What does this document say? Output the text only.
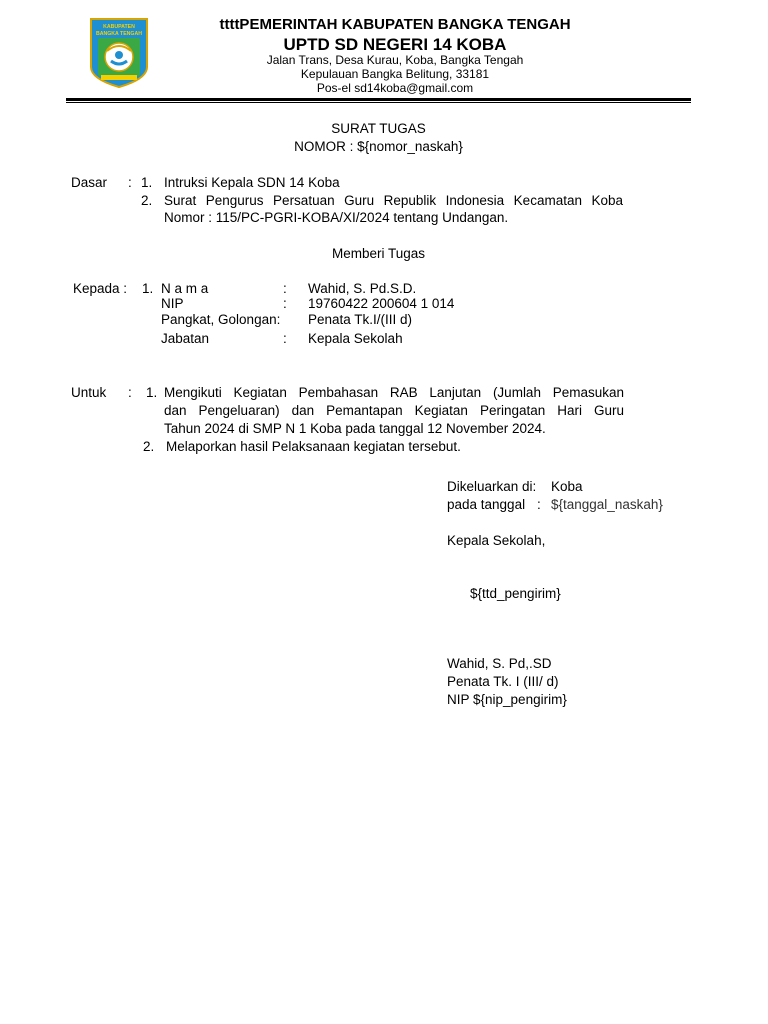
KABUPATEN
BANGKA TENGAH
ttttPEMERINTAH KABUPATEN BANGKA TENGAH
UPTD SD NEGERI 14 KOBA
Jalan Trans, Desa Kurau, Koba, Bangka Tengah
Kepulauan Bangka Belitung, 33181
Pos-el sd14koba@gmail.com
SURAT TUGAS
NOMOR : ${nomor_naskah}
Dasar : 1. Intruksi Kepala SDN 14 Koba
2. Surat Pengurus Persatuan Guru Republik Indonesia Kecamatan Koba
Nomor : 115/PC-PGRI-KOBA/XI/2024 tentang Undangan.
Memberi Tugas
Kepada : 1. N a m a	: Wahid, S. Pd.S.D.
NIP	: 19760422 200604 1 014
Pangkat, Golongan: Penata Tk.I/(III d)
Jabatan	: Kepala Sekolah
Untuk : 1. Mengikuti Kegiatan Pembahasan RAB Lanjutan (Jumlah Pemasukan
dan Pengeluaran) dan Pemantapan Kegiatan Peringatan Hari Guru
Tahun 2024 di SMP N 1 Koba pada tanggal 12 November 2024.
2. Melaporkan hasil Pelaksanaan kegiatan tersebut.
Dikeluarkan di: Koba
pada tanggal : ${tanggal_naskah}
Kepala Sekolah,
${ttd_pengirim}
Wahid, S. Pd,.SD
Penata Tk. I (III/ d)
NIP ${nip_pengirim}
